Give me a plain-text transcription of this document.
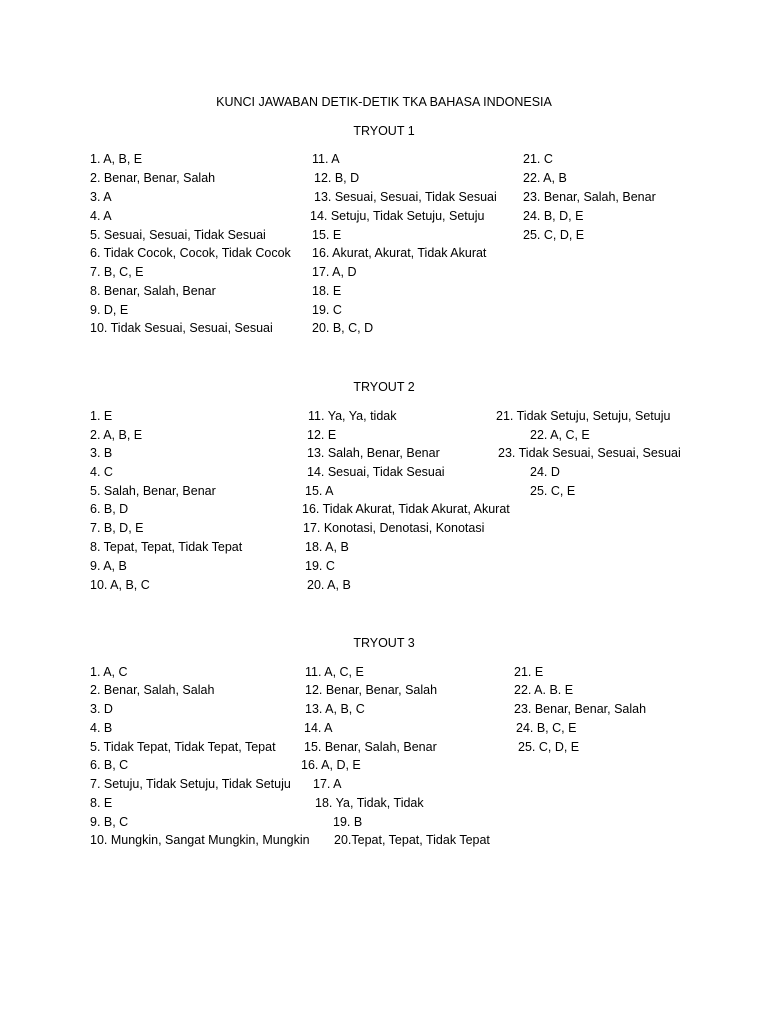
KUNCI JAWABAN DETIK-DETIK TKA BAHASA INDONESIA
TRYOUT 1
1. A, B, E
2. Benar, Benar, Salah
3. A
4. A
5. Sesuai, Sesuai, Tidak Sesuai
6. Tidak Cocok, Cocok, Tidak Cocok
7. B, C, E
8. Benar, Salah, Benar
9. D, E
10. Tidak Sesuai, Sesuai, Sesuai
11. A
12. B, D
13. Sesuai, Sesuai, Tidak Sesuai
14. Setuju, Tidak Setuju, Setuju
15. E
16. Akurat, Akurat, Tidak Akurat
17. A, D
18. E
19. C
20. B, C, D
21. C
22. A, B
23. Benar, Salah, Benar
24. B, D, E
25. C, D, E
TRYOUT 2
1. E
2. A, B, E
3. B
4. C
5. Salah, Benar, Benar
6. B, D
7. B, D, E
8. Tepat, Tepat, Tidak Tepat
9. A, B
10. A, B, C
11. Ya, Ya, tidak
12. E
13. Salah, Benar, Benar
14. Sesuai, Tidak Sesuai
15. A
16. Tidak Akurat, Tidak Akurat, Akurat
17. Konotasi, Denotasi, Konotasi
18. A, B
19. C
20. A, B
21. Tidak Setuju, Setuju, Setuju
22. A, C, E
23. Tidak Sesuai, Sesuai, Sesuai
24. D
25. C, E
TRYOUT 3
1. A, C
2. Benar, Salah, Salah
3. D
4. B
5. Tidak Tepat, Tidak Tepat, Tepat
6. B, C
7. Setuju, Tidak Setuju, Tidak Setuju
8. E
9. B, C
10. Mungkin, Sangat Mungkin, Mungkin
11. A, C, E
12. Benar, Benar, Salah
13. A, B, C
14. A
15. Benar, Salah, Benar
16. A, D, E
17. A
18. Ya, Tidak, Tidak
19. B
20.Tepat, Tepat, Tidak Tepat
21. E
22. A. B. E
23. Benar, Benar, Salah
24. B, C, E
25. C, D, E
